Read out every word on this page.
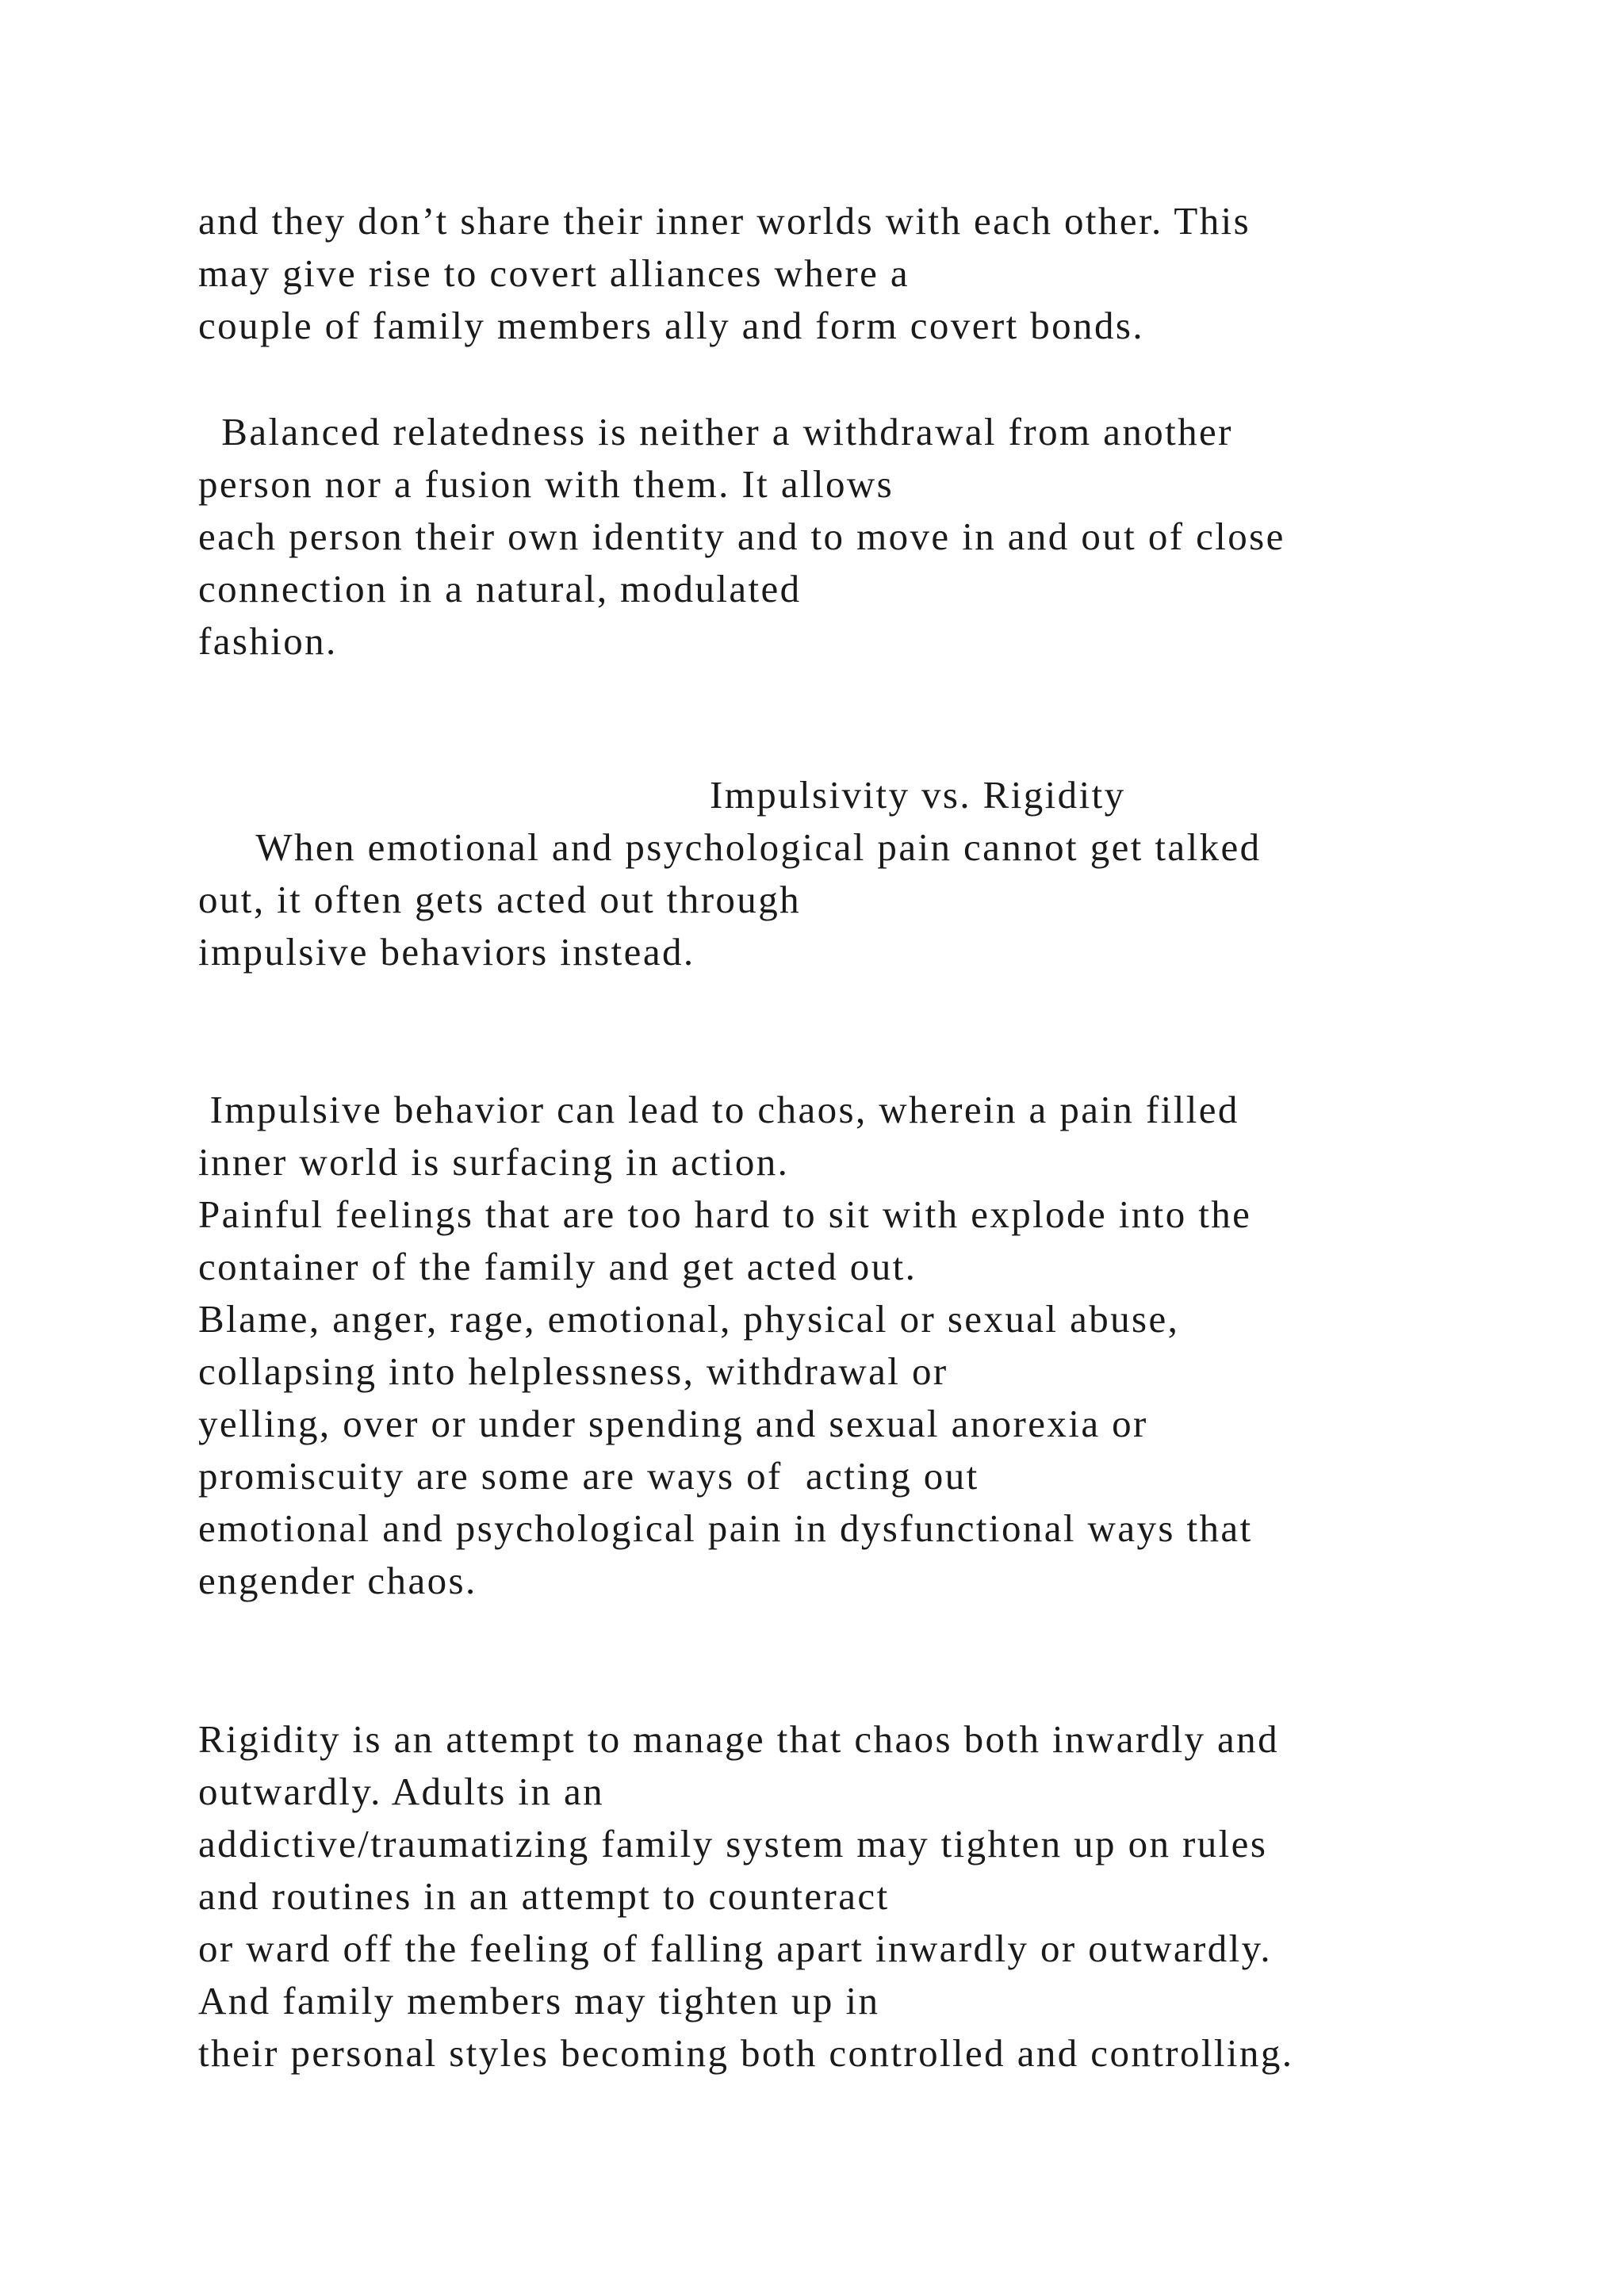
and they don’t share their inner worlds with each other. This

may give rise to covert alliances where a

couple of family members ally and form covert bonds.

Balanced relatedness is neither a withdrawal from another

person nor a fusion with them. It allows

each person their own identity and to move in and out of close

connection in a natural, modulated

fashion.

Impulsivity vs. Rigidity

When emotional and psychological pain cannot get talked

out, it often gets acted out through

impulsive behaviors instead.

Impulsive behavior can lead to chaos, wherein a pain filled

inner world is surfacing in action.

Painful feelings that are too hard to sit with explode into the

container of the family and get acted out.

Blame, anger, rage, emotional, physical or sexual abuse,

collapsing into helplessness, withdrawal or

yelling, over or under spending and sexual anorexia or

promiscuity are some are ways of  acting out

emotional and psychological pain in dysfunctional ways that

engender chaos.

Rigidity is an attempt to manage that chaos both inwardly and

outwardly. Adults in an

addictive/traumatizing family system may tighten up on rules

and routines in an attempt to counteract

or ward off the feeling of falling apart inwardly or outwardly.

And family members may tighten up in

their personal styles becoming both controlled and controlling.
